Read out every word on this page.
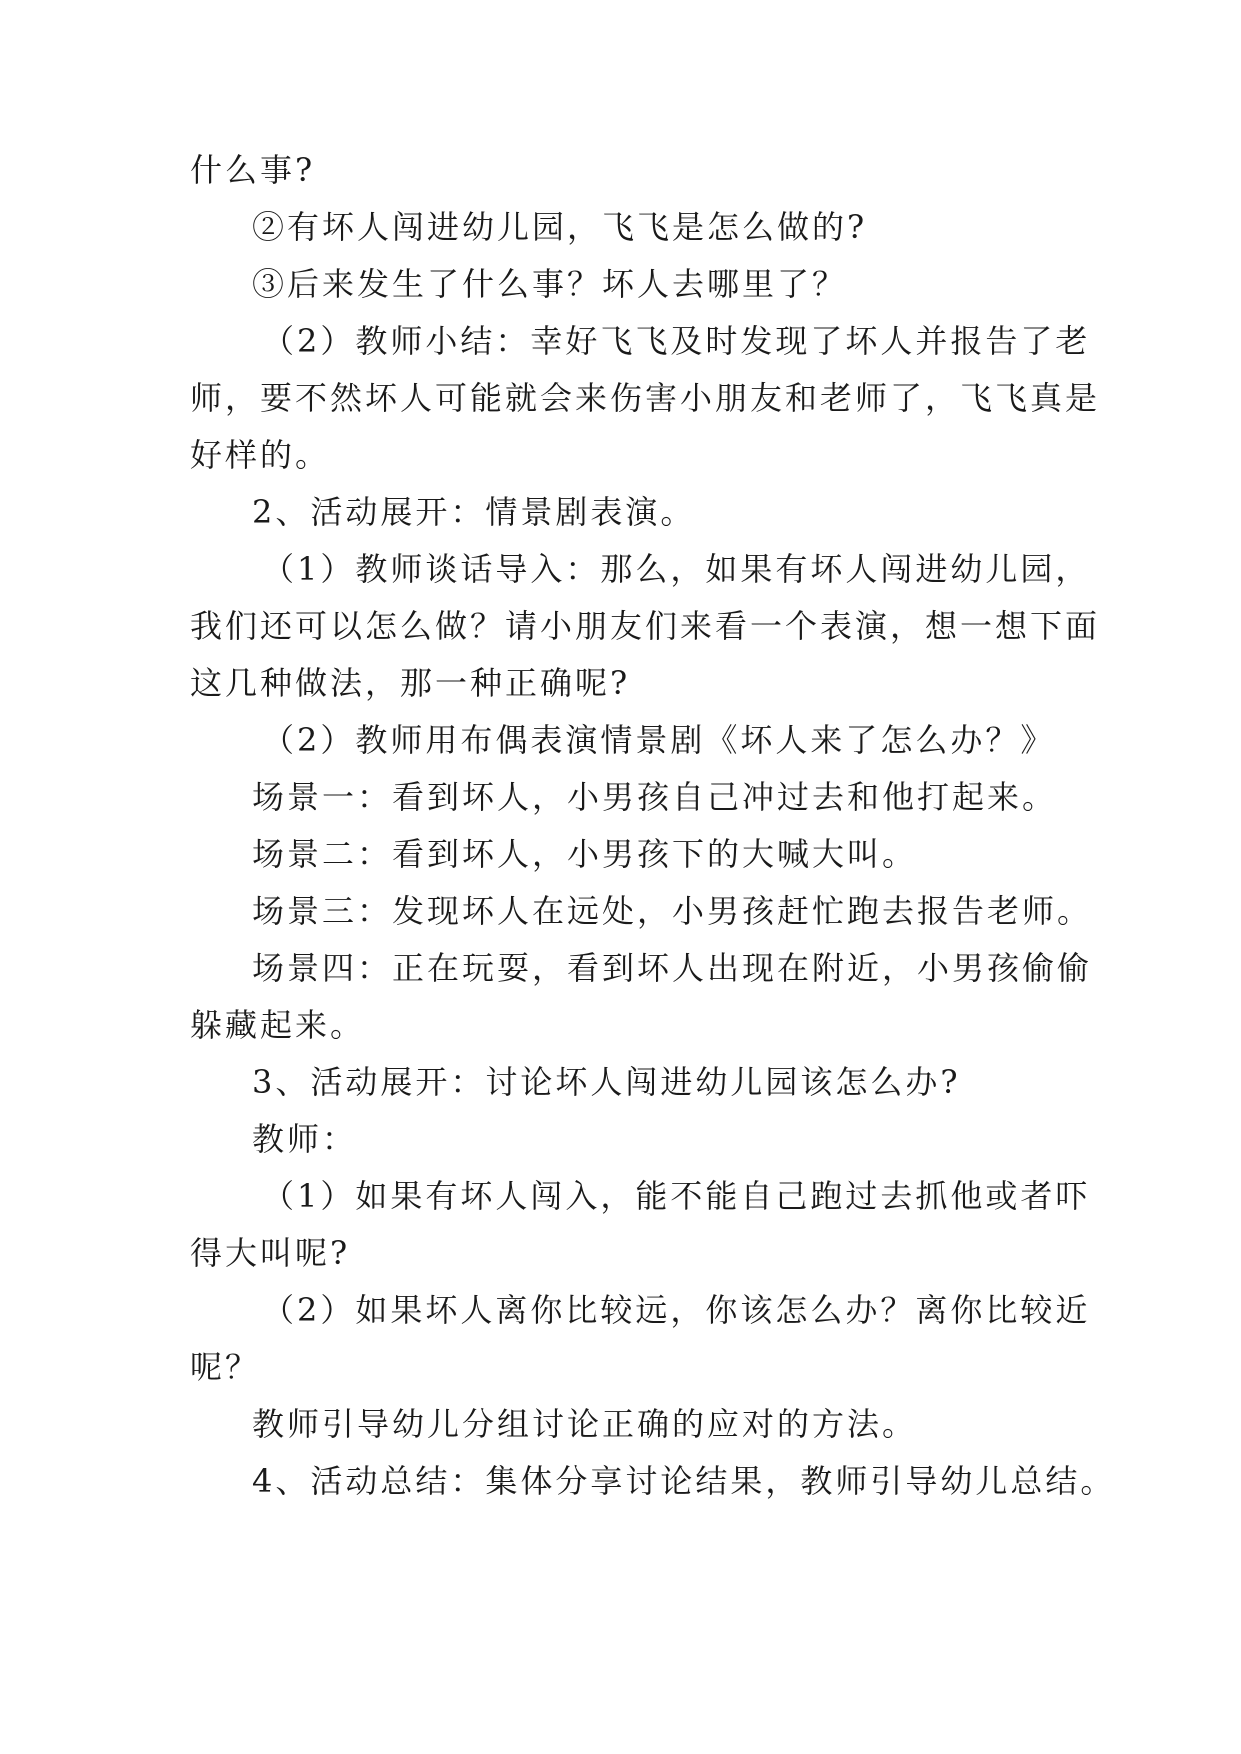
什么事?
②有坏人闯进幼儿园，飞飞是怎么做的?
③后来发生了什么事？坏人去哪里了？
（2）教师小结：幸好飞飞及时发现了坏人并报告了老
师，要不然坏人可能就会来伤害小朋友和老师了，飞飞真是
好样的。
2、活动展开：情景剧表演。
（1）教师谈话导入：那么，如果有坏人闯进幼儿园，
我们还可以怎么做？请小朋友们来看一个表演，想一想下面
这几种做法，那一种正确呢?
（2）教师用布偶表演情景剧《坏人来了怎么办？》
场景一：看到坏人，小男孩自己冲过去和他打起来。
场景二：看到坏人，小男孩下的大喊大叫。
场景三：发现坏人在远处，小男孩赶忙跑去报告老师。
场景四：正在玩耍，看到坏人出现在附近，小男孩偷偷
躲藏起来。
3、活动展开：讨论坏人闯进幼儿园该怎么办?
教师：
（1）如果有坏人闯入，能不能自己跑过去抓他或者吓
得大叫呢?
（2）如果坏人离你比较远，你该怎么办？离你比较近
呢？
教师引导幼儿分组讨论正确的应对的方法。
4、活动总结：集体分享讨论结果，教师引导幼儿总结。
